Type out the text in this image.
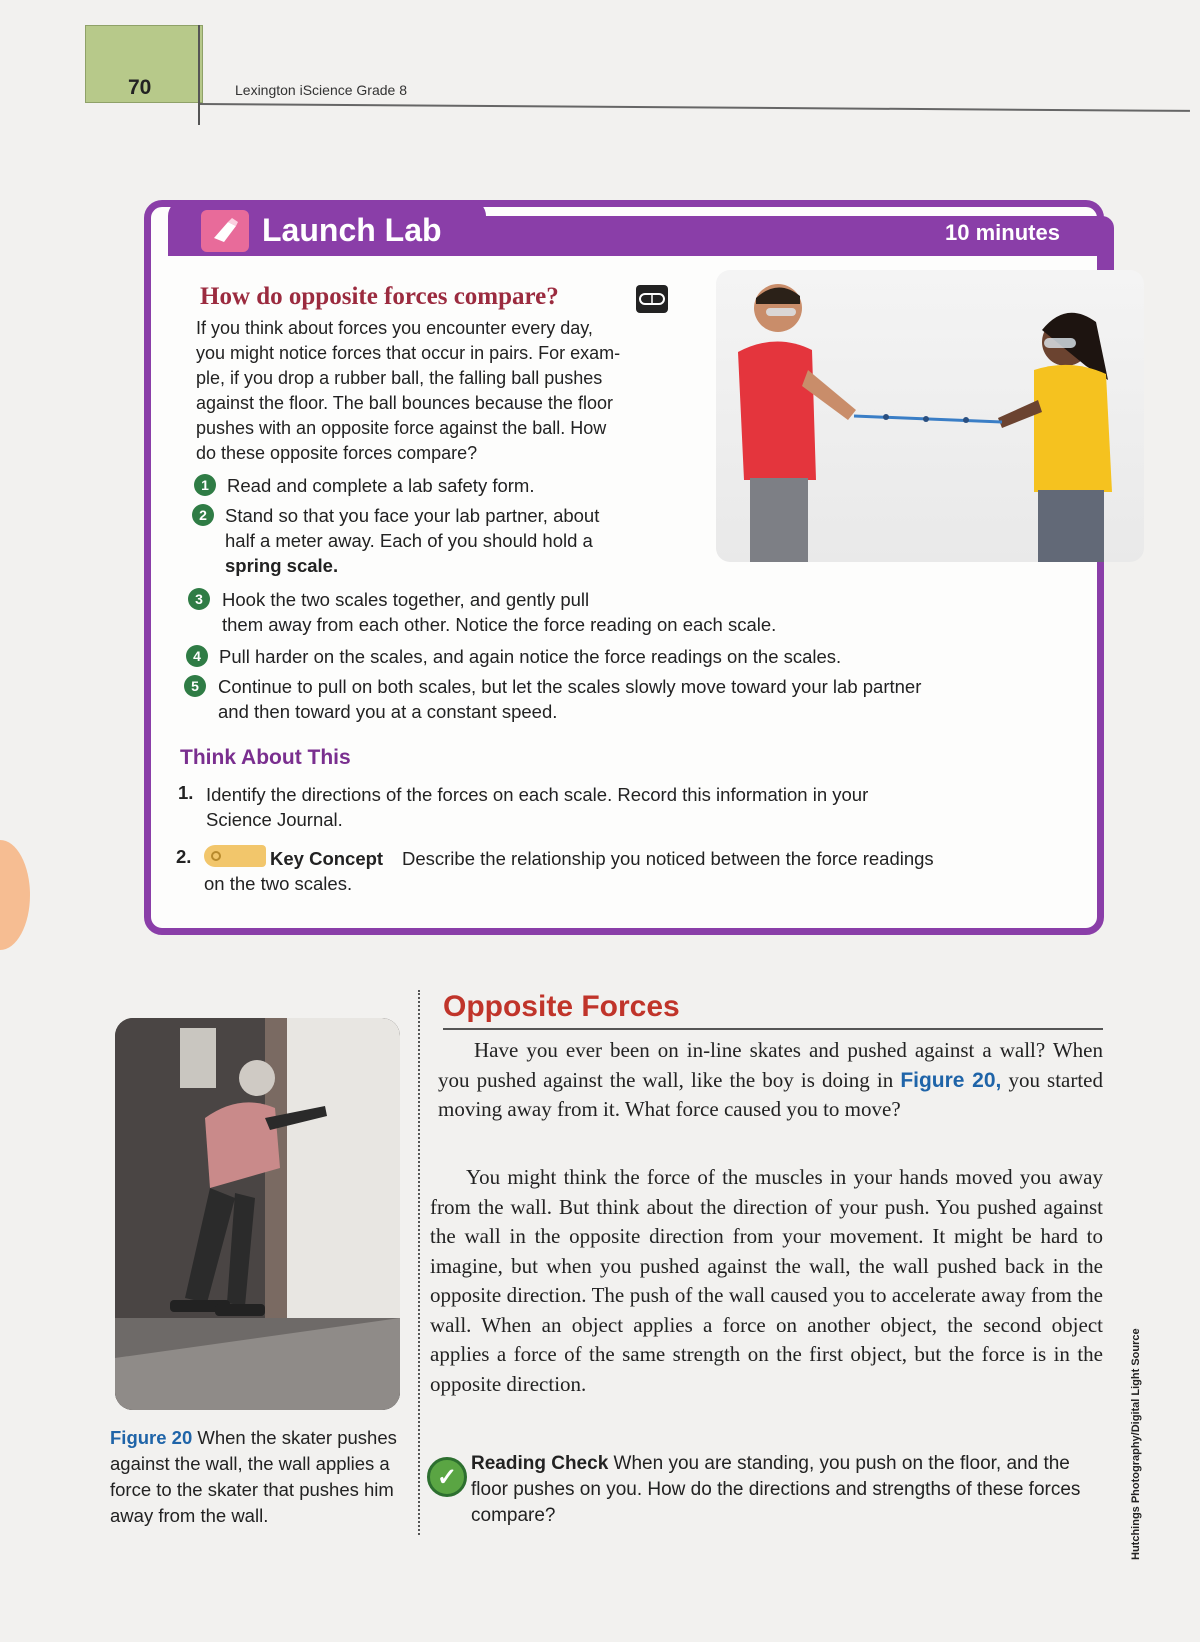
70	Lexington iScience Grade 8
Launch Lab	10 minutes
How do opposite forces compare?
If you think about forces you encounter every day,
you might notice forces that occur in pairs. For exam-
ple, if you drop a rubber ball, the falling ball pushes
against the floor. The ball bounces because the floor
pushes with an opposite force against the ball. How
do these opposite forces compare?
1 Read and complete a lab safety form.
2 Stand so that you face your lab partner, about
half a meter away. Each of you should hold a
spring scale.
3	Hook the two scales together, and gently pull
them away from each other. Notice the force reading on each scale.
4 Pull harder on the scales, and again notice the force readings on the scales.
5	Continue to pull on both scales, but let the scales slowly move toward your lab partner
and then toward you at a constant speed.
Think About This
1. Identify the directions of the forces on each scale. Record this information in your
Science Journal.
2.	Key Concept Describe the relationship you noticed between the force readings
on the two scales.
Figure 20 When the skater pushes against the wall, the wall applies a force to the skater that pushes him away from the wall.
Opposite Forces
Have you ever been on in-line skates and pushed against a wall? When you pushed against the wall, like the boy is doing in Figure 20, you started moving away from it. What force caused you to move?
You might think the force of the muscles in your hands moved you away from the wall. But think about the direction of your push. You pushed against the wall in the opposite direction from your movement. It might be hard to imagine, but when you pushed against the wall, the wall pushed back in the opposite direction. The push of the wall caused you to accelerate away from the wall. When an object applies a force on another object, the second object applies a force of the same strength on the first object, but the force is in the opposite direction.
✓ Reading Check When you are standing, you push on the floor, and the floor pushes on you. How do the directions and strengths of these forces compare?	Hutchings Photography/Digital Light Source
